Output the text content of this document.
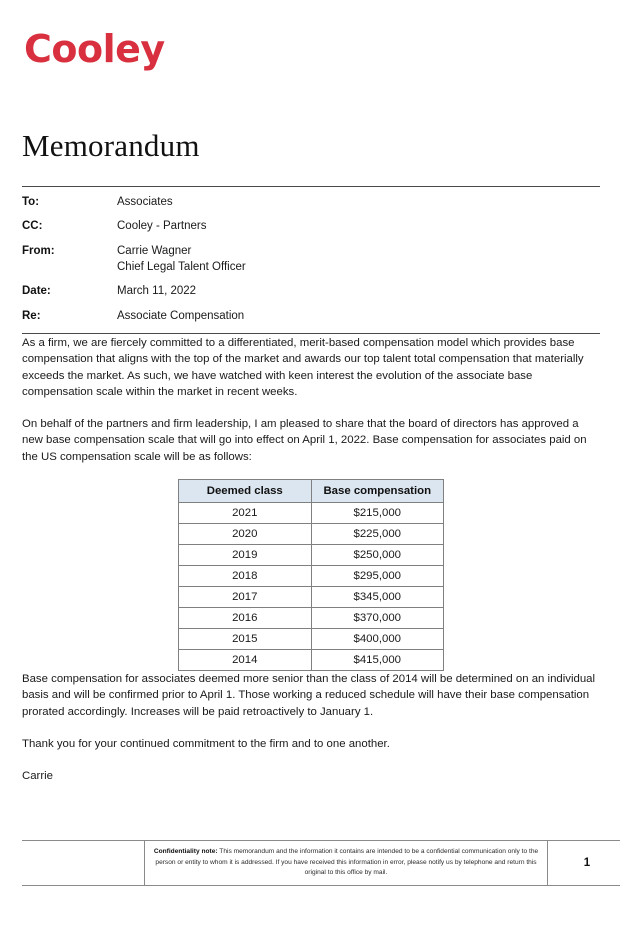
Cooley
Memorandum
To:	Associates
CC:	Cooley - Partners
From:	Carrie Wagner
Chief Legal Talent Officer
Date:	March 11, 2022
Re:	Associate Compensation

As a firm, we are fiercely committed to a differentiated, merit-based compensation model which provides base compensation that aligns with the top of the market and awards our top talent total compensation that materially exceeds the market. As such, we have watched with keen interest the evolution of the associate base compensation scale within the market in recent weeks.

On behalf of the partners and firm leadership, I am pleased to share that the board of directors has approved a new base compensation scale that will go into effect on April 1, 2022. Base compensation for associates paid on the US compensation scale will be as follows:

Deemed class	Base compensation
2021	$215,000
2020	$225,000
2019	$250,000
2018	$295,000
2017	$345,000
2016	$370,000
2015	$400,000
2014	$415,000

Base compensation for associates deemed more senior than the class of 2014 will be determined on an individual basis and will be confirmed prior to April 1. Those working a reduced schedule will have their base compensation prorated accordingly. Increases will be paid retroactively to January 1.

Thank you for your continued commitment to the firm and to one another.

Carrie

	Confidentiality note: This memorandum and the information it contains are intended to be a confidential communication only to the person or entity to whom it is addressed. If you have received this information in error, please notify us by telephone and return this original to this office by mail.	1
